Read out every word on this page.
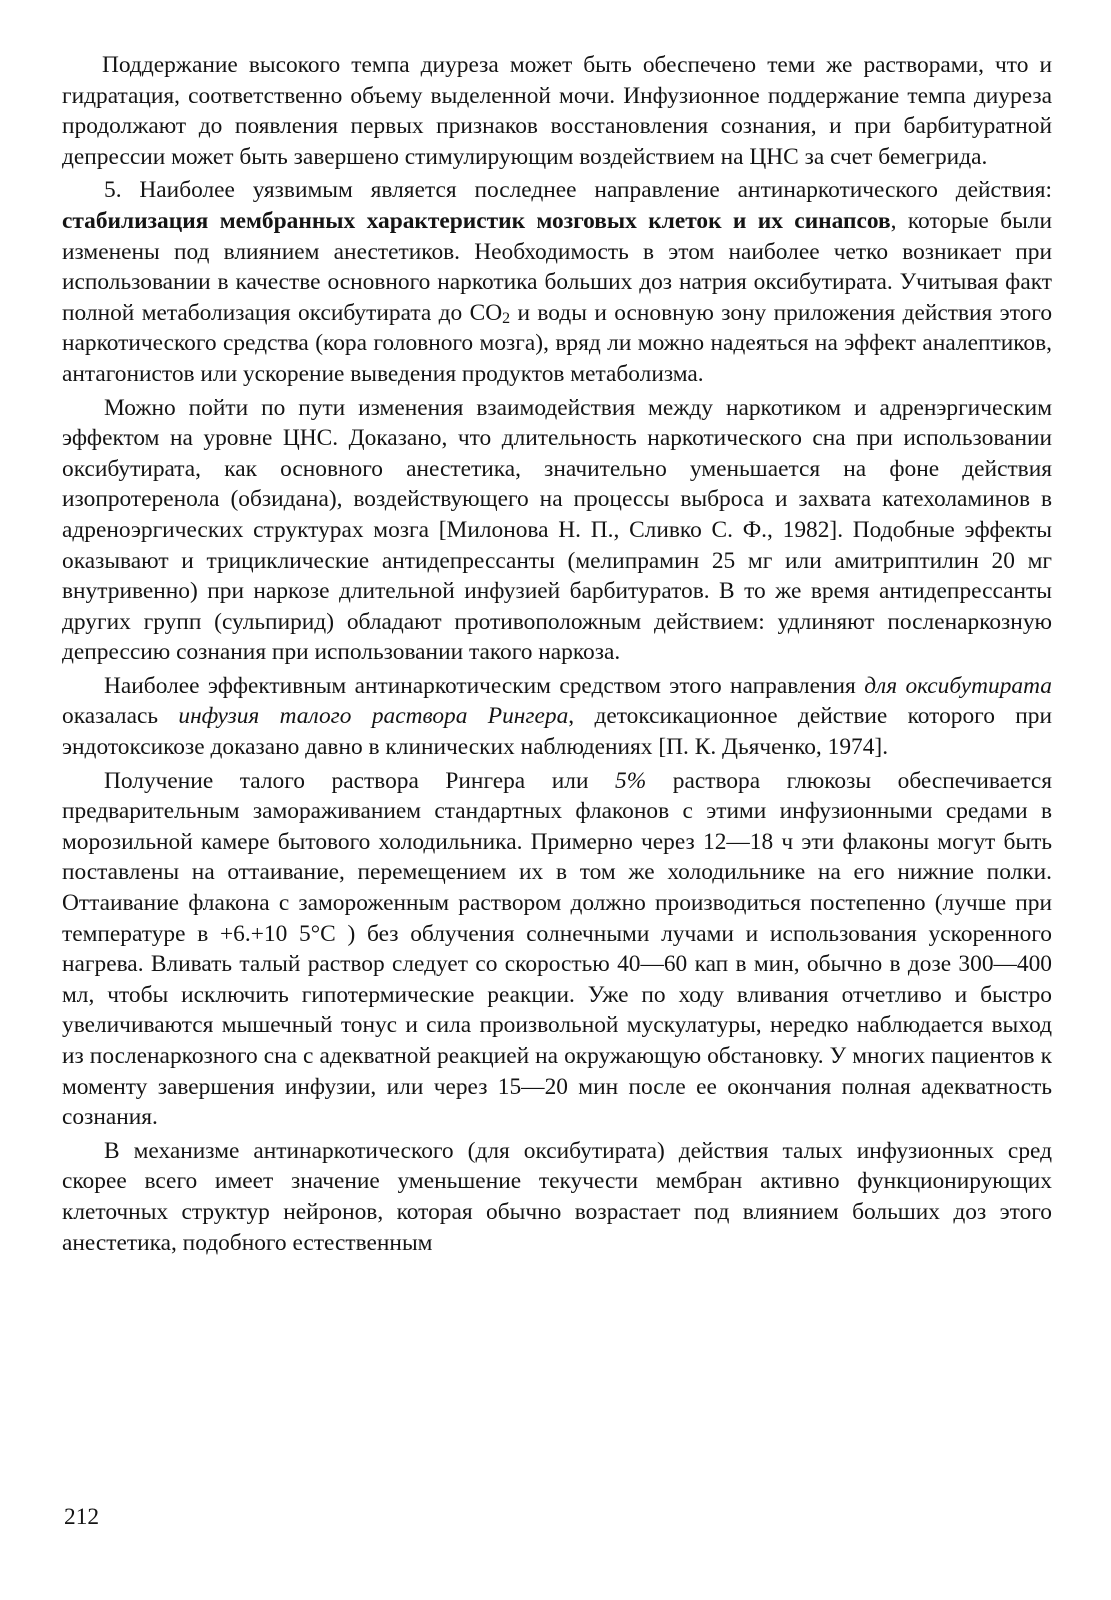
Поддержание высокого темпа диуреза может быть обеспечено теми же растворами, что и гидратация, соответственно объему выделенной мочи. Инфузионное поддержание темпа диуреза продолжают до появления первых признаков восстановления сознания, и при барбитуратной депрессии может быть завершено стимулирующим воздействием на ЦНС за счет бемегрида.

5. Наиболее уязвимым является последнее направление антинаркотического действия: стабилизация мембранных характеристик мозговых клеток и их синапсов, которые были изменены под влиянием анестетиков. Необходимость в этом наиболее четко возникает при использовании в качестве основного наркотика больших доз натрия оксибутирата. Учитывая факт полной метаболизация оксибутирата до $CO_2$ и воды и основную зону приложения действия этого наркотического средства (кора головного мозга), вряд ли можно надеяться на эффект аналептиков, антагонистов или ускорение выведения продуктов метаболизма.

Можно пойти по пути изменения взаимодействия между наркотиком и адренэргическим эффектом на уровне ЦНС. Доказано, что длительность наркотического сна при использовании оксибутирата, как основного анестетика, значительно уменьшается на фоне действия изопротеренола (обзидана), воздействующего на процессы выброса и захвата катехоламинов в адреноэргических структурах мозга [Милонова Н. П., Сливко С. Ф., 1982]. Подобные эффекты оказывают и трициклические антидепрессанты (мелипрамин 25 мг или амитриптилин 20 мг внутривенно) при наркозе длительной инфузией барбитуратов. В то же время антидепрессанты других групп (сульпирид) обладают противоположным действием: удлиняют посленаркозную депрессию сознания при использовании такого наркоза.

Наиболее эффективным антинаркотическим средством этого направления для оксибутирата оказалась инфузия талого раствора Рингера, детоксикационное действие которого при эндотоксикозе доказано давно в клинических наблюдениях [П. К. Дьяченко, 1974].

Получение талого раствора Рингера или 5% раствора глюкозы обеспечивается предварительным замораживанием стандартных флаконов с этими инфузионными средами в морозильной камере бытового холодильника. Примерно через 12—18 ч эти флаконы могут быть поставлены на оттаивание, перемещением их в том же холодильнике на его нижние полки. Оттаивание флакона с замороженным раствором должно производиться постепенно (лучше при температуре в +6.+10 5°С ) без облучения солнечными лучами и использования ускоренного нагрева. Вливать талый раствор следует со скоростью 40—60 кап в мин, обычно в дозе 300—400 мл, чтобы исключить гипотермические реакции. Уже по ходу вливания отчетливо и быстро увеличиваются мышечный тонус и сила произвольной мускулатуры, нередко наблюдается выход из посленаркозного сна с адекватной реакцией на окружающую обстановку. У многих пациентов к моменту завершения инфузии, или через 15—20 мин после ее окончания полная адекватность сознания.

В механизме антинаркотического (для оксибутирата) действия талых инфузионных сред скорее всего имеет значение уменьшение текучести мембран активно функционирующих клеточных структур нейронов, которая обычно возрастает под влиянием больших доз этого анестетика, подобного естественным

212
